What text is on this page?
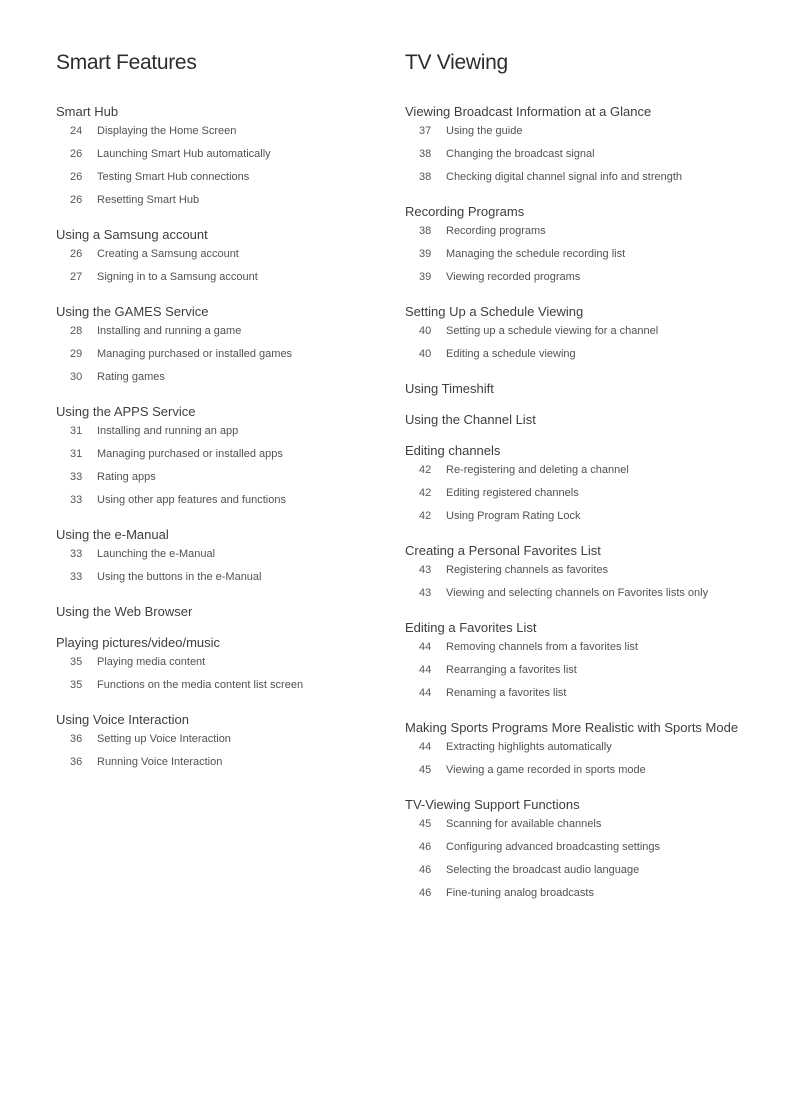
Smart Features
Smart Hub
24	Displaying the Home Screen
26	Launching Smart Hub automatically
26	Testing Smart Hub connections
26	Resetting Smart Hub
Using a Samsung account
26	Creating a Samsung account
27	Signing in to a Samsung account
Using the GAMES Service
28	Installing and running a game
29	Managing purchased or installed games
30	Rating games
Using the APPS Service
31	Installing and running an app
31	Managing purchased or installed apps
33	Rating apps
33	Using other app features and functions
Using the e-Manual
33	Launching the e-Manual
33	Using the buttons in the e-Manual
Using the Web Browser
Playing pictures/video/music
35	Playing media content
35	Functions on the media content list screen
Using Voice Interaction
36	Setting up Voice Interaction
36	Running Voice Interaction
TV Viewing
Viewing Broadcast Information at a Glance
37	Using the guide
38	Changing the broadcast signal
38	Checking digital channel signal info and strength
Recording Programs
38	Recording programs
39	Managing the schedule recording list
39	Viewing recorded programs
Setting Up a Schedule Viewing
40	Setting up a schedule viewing for a channel
40	Editing a schedule viewing
Using Timeshift
Using the Channel List
Editing channels
42	Re-registering and deleting a channel
42	Editing registered channels
42	Using Program Rating Lock
Creating a Personal Favorites List
43	Registering channels as favorites
43	Viewing and selecting channels on Favorites lists only
Editing a Favorites List
44	Removing channels from a favorites list
44	Rearranging a favorites list
44	Renaming a favorites list
Making Sports Programs More Realistic with Sports Mode
44	Extracting highlights automatically
45	Viewing a game recorded in sports mode
TV-Viewing Support Functions
45	Scanning for available channels
46	Configuring advanced broadcasting settings
46	Selecting the broadcast audio language
46	Fine-tuning analog broadcasts
